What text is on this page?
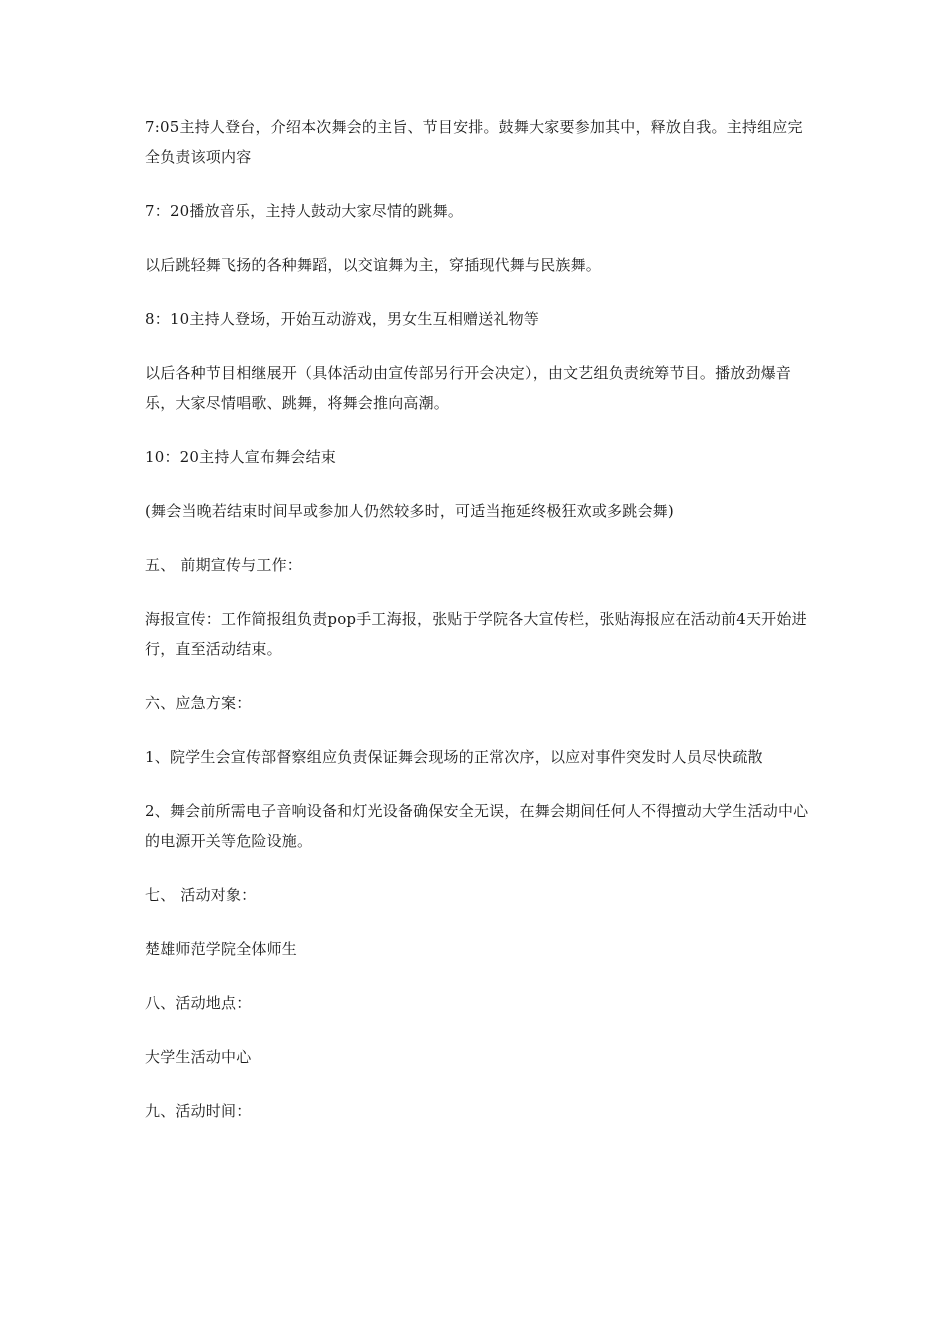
7:05主持人登台，介绍本次舞会的主旨、节目安排。鼓舞大家要参加其中，释放自我。主持组应完全负责该项内容

7：20播放音乐，主持人鼓动大家尽情的跳舞。

以后跳轻舞飞扬的各种舞蹈，以交谊舞为主，穿插现代舞与民族舞。

8：10主持人登场，开始互动游戏，男女生互相赠送礼物等

以后各种节目相继展开（具体活动由宣传部另行开会决定），由文艺组负责统筹节目。播放劲爆音乐，大家尽情唱歌、跳舞，将舞会推向高潮。

10：20主持人宣布舞会结束

(舞会当晚若结束时间早或参加人仍然较多时，可适当拖延终极狂欢或多跳会舞)

五、 前期宣传与工作：

海报宣传：工作简报组负责pop手工海报，张贴于学院各大宣传栏，张贴海报应在活动前4天开始进行，直至活动结束。

六、应急方案：

1、院学生会宣传部督察组应负责保证舞会现场的正常次序，以应对事件突发时人员尽快疏散

2、舞会前所需电子音响设备和灯光设备确保安全无误，在舞会期间任何人不得擅动大学生活动中心的电源开关等危险设施。

七、 活动对象：

楚雄师范学院全体师生

八、活动地点：

大学生活动中心

九、活动时间：
